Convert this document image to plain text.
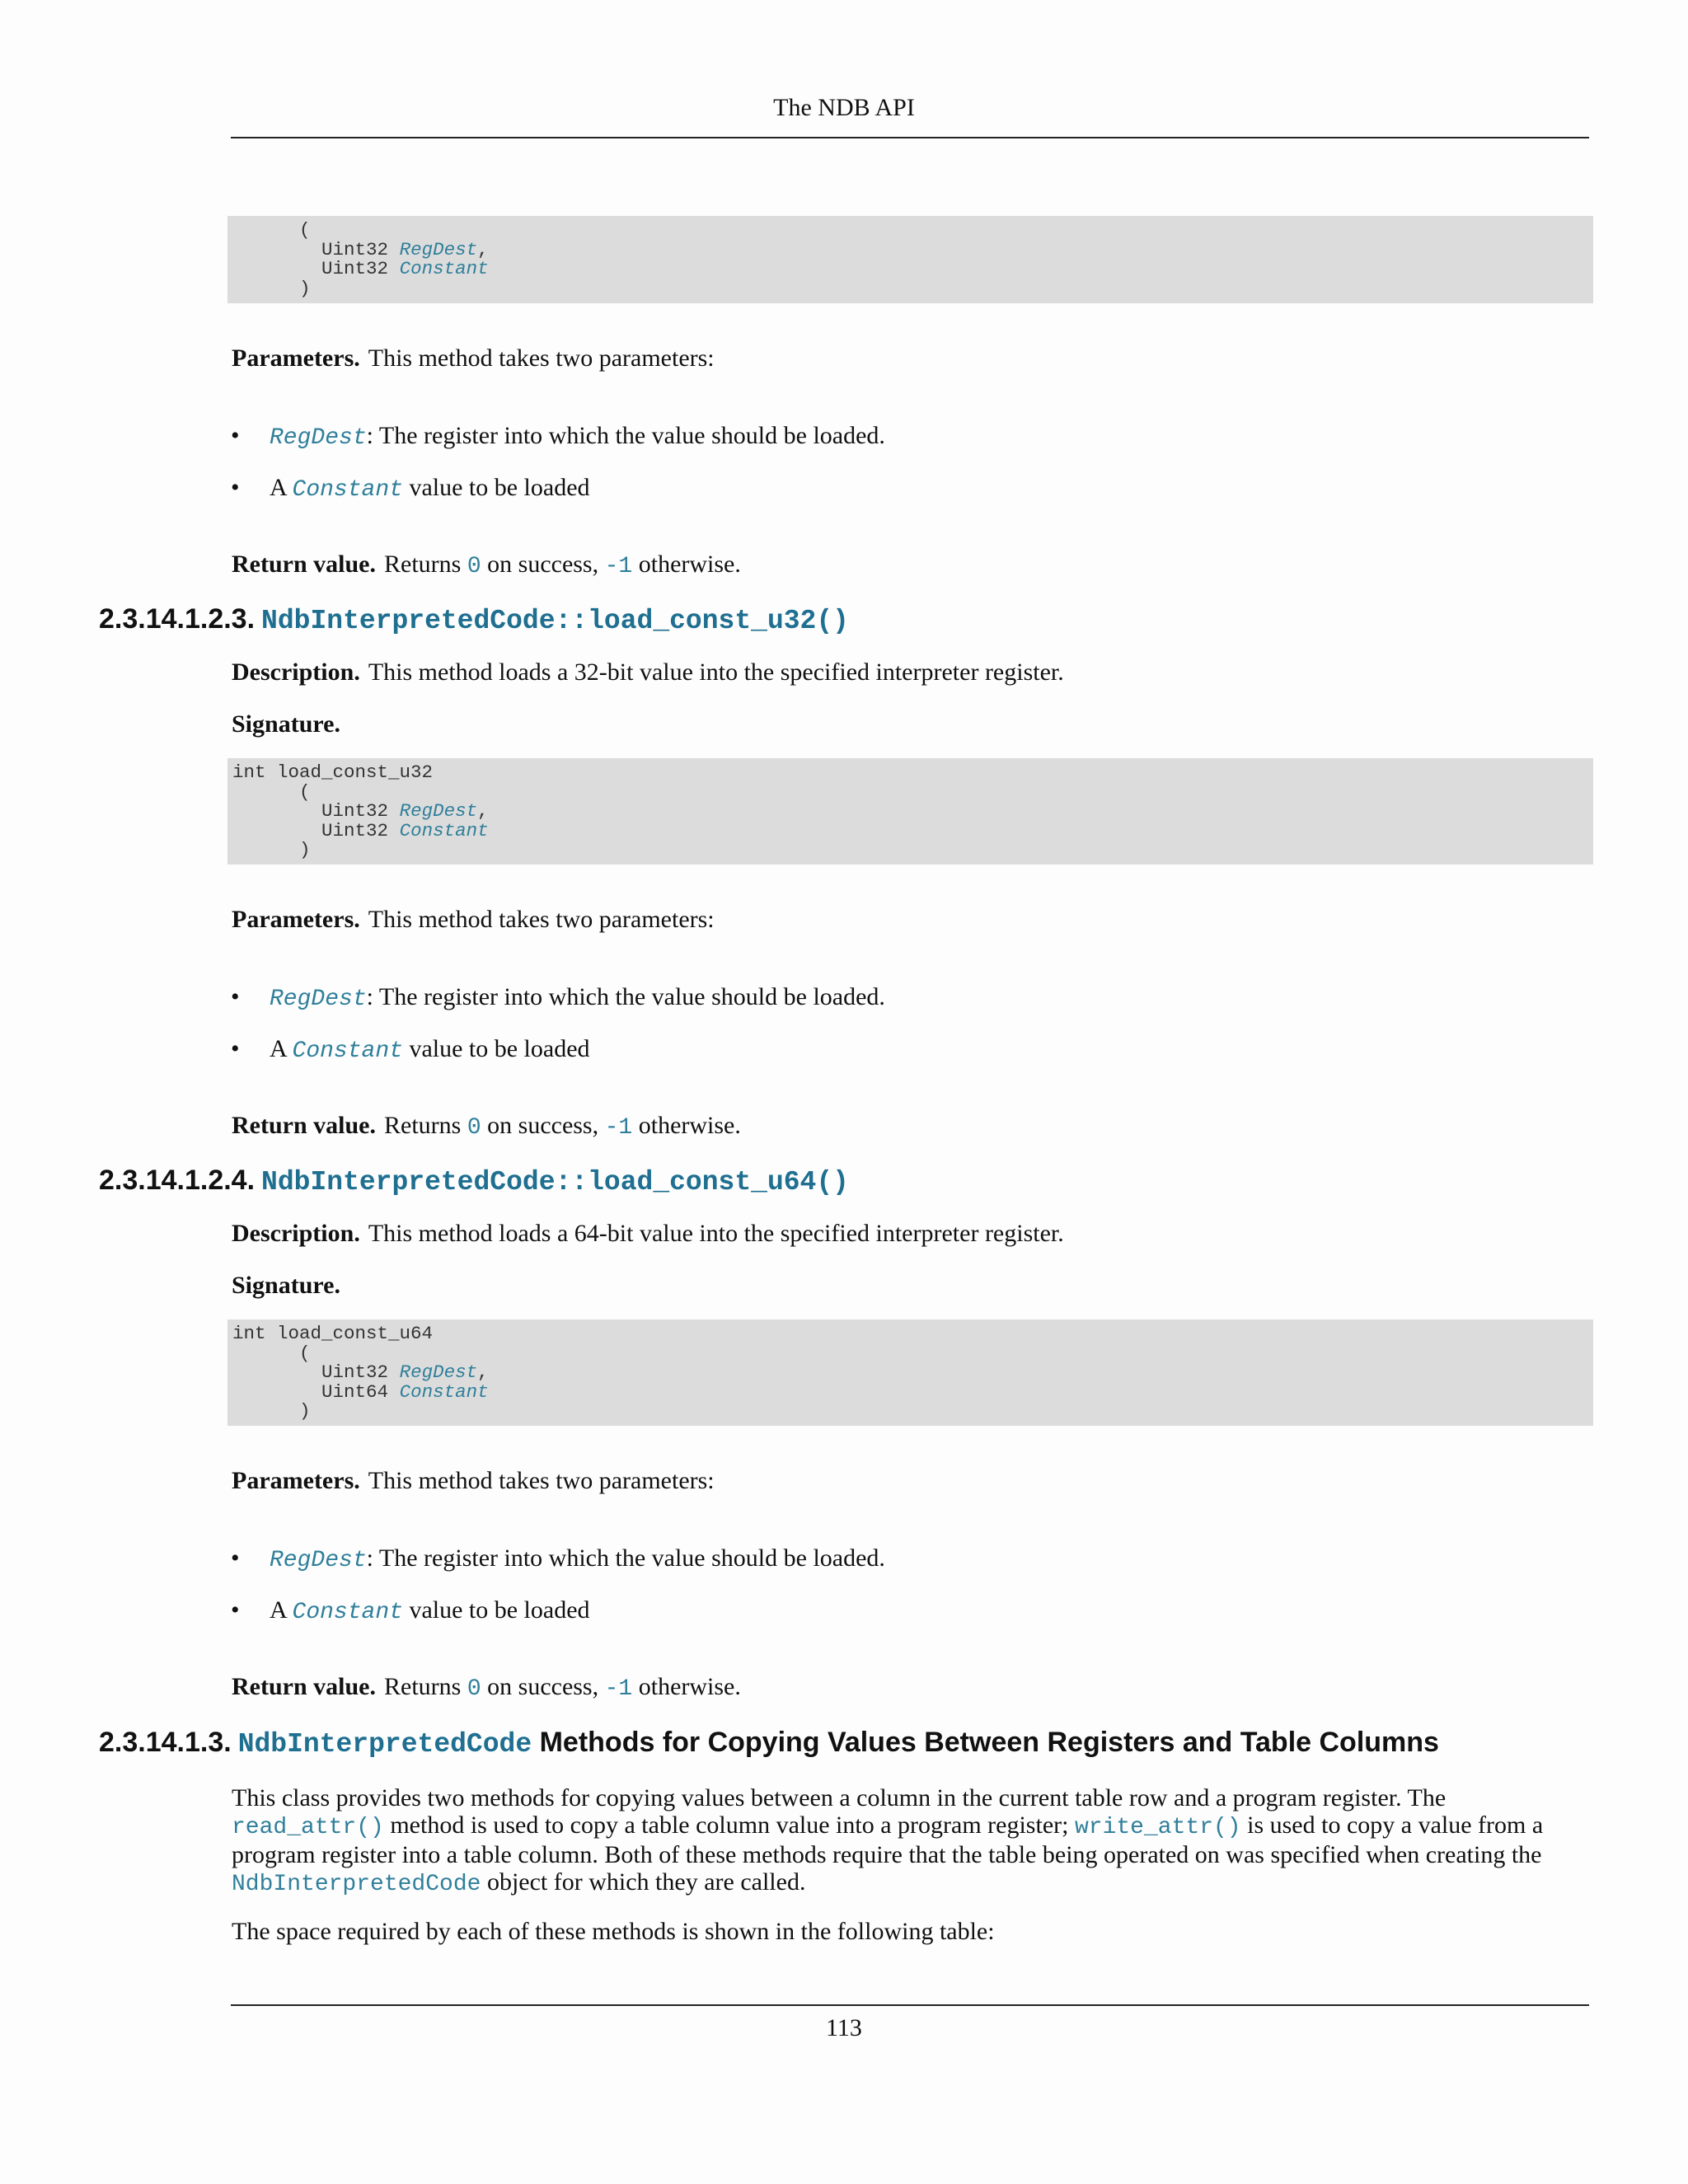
The NDB API
(
Uint32 RegDest,
Uint32 Constant
)
Parameters. This method takes two parameters:
• RegDest: The register into which the value should be loaded.
• A Constant value to be loaded
Return value. Returns 0 on success, -1 otherwise.
2.3.14.1.2.3. NdbInterpretedCode::load_const_u32()
Description. This method loads a 32-bit value into the specified interpreter register.
Signature.
int load_const_u32
(
Uint32 RegDest,
Uint32 Constant
)
Parameters. This method takes two parameters:
• RegDest: The register into which the value should be loaded.
• A Constant value to be loaded
Return value. Returns 0 on success, -1 otherwise.
2.3.14.1.2.4. NdbInterpretedCode::load_const_u64()
Description. This method loads a 64-bit value into the specified interpreter register.
Signature.
int load_const_u64
(
Uint32 RegDest,
Uint64 Constant
)
Parameters. This method takes two parameters:
• RegDest: The register into which the value should be loaded.
• A Constant value to be loaded
Return value. Returns 0 on success, -1 otherwise.
2.3.14.1.3. NdbInterpretedCode Methods for Copying Values Between Registers and Table Columns
This class provides two methods for copying values between a column in the current table row and a program register. The read_attr() method is used to copy a table column value into a program register; write_attr() is used to copy a value from a program register into a table column. Both of these methods require that the table being operated on was specified when creating the NdbInterpretedCode object for which they are called.
The space required by each of these methods is shown in the following table:
113
